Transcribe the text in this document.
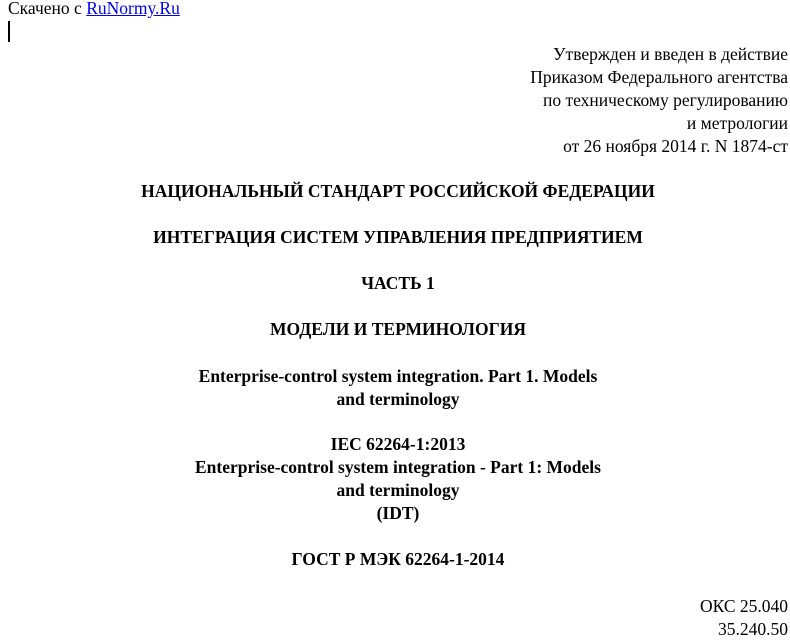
Скачено с RuNormy.Ru
Утвержден и введен в действие
Приказом Федерального агентства
по техническому регулированию
и метрологии
от 26 ноября 2014 г. N 1874-ст
НАЦИОНАЛЬНЫЙ СТАНДАРТ РОССИЙСКОЙ ФЕДЕРАЦИИ
ИНТЕГРАЦИЯ СИСТЕМ УПРАВЛЕНИЯ ПРЕДПРИЯТИЕМ
ЧАСТЬ 1
МОДЕЛИ И ТЕРМИНОЛОГИЯ
Enterprise-control system integration. Part 1. Models
and terminology
IEC 62264-1:2013
Enterprise-control system integration - Part 1: Models
and terminology
(IDT)
ГОСТ Р МЭК 62264-1-2014
ОКС 25.040
35.240.50
